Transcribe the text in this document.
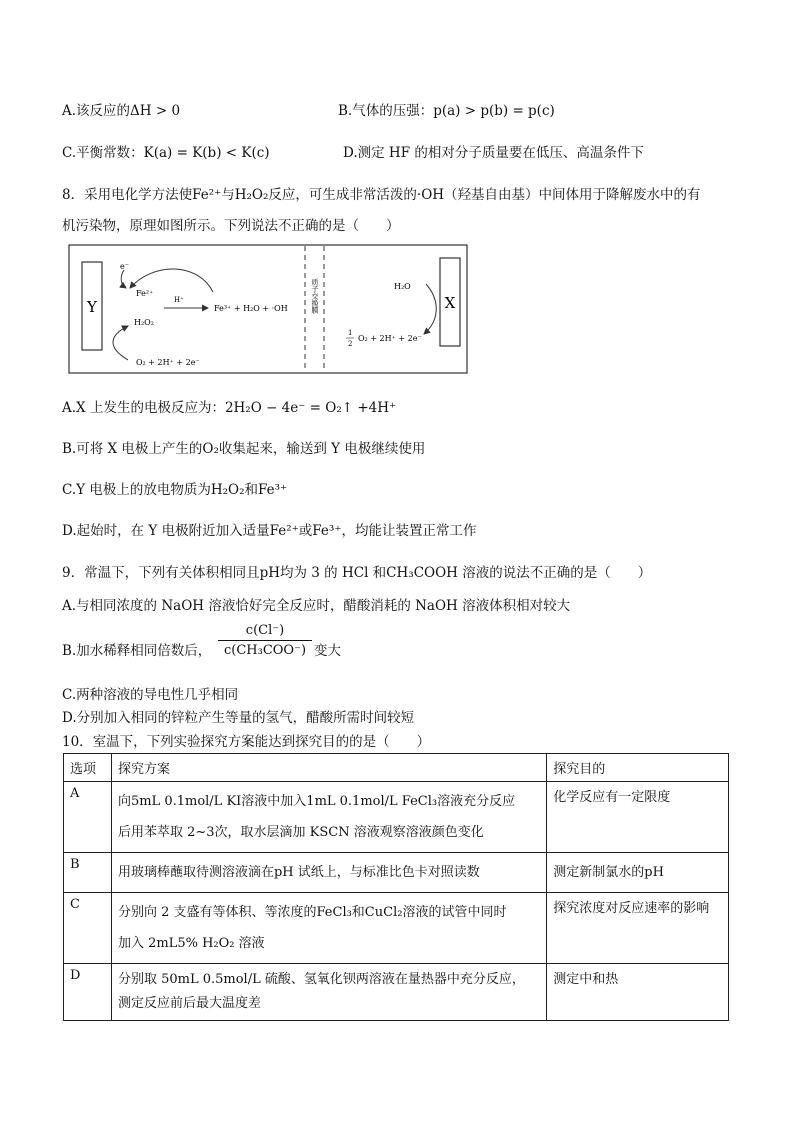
A.该反应的ΔH > 0	B.气体的压强：p(a) > p(b) = p(c)
C.平衡常数：K(a) = K(b) < K(c)	D.测定 HF 的相对分子质量要在低压、高温条件下
8．采用电化学方法使Fe²⁺与H₂O₂反应，可生成非常活泼的·OH（羟基自由基）中间体用于降解废水中的有
机污染物，原理如图所示。下列说法不正确的是（　　）
质子交换膜
Y	X
e⁻
Fe²⁺
H⁺
Fe³⁺ + H₂O + ·OH
H₂O₂
O₂ + 2H⁺ + 2e⁻
H₂O
1
2
O₂ + 2H⁺ + 2e⁻
A.X 上发生的电极反应为：2H₂O − 4e⁻ = O₂↑ +4H⁺
B.可将 X 电极上产生的O₂收集起来，输送到 Y 电极继续使用
C.Y 电极上的放电物质为H₂O₂和Fe³⁺
D.起始时，在 Y 电极附近加入适量Fe²⁺或Fe³⁺，均能让装置正常工作
9．常温下，下列有关体积相同且pH均为 3 的 HCl 和CH₃COOH 溶液的说法不正确的是（　　）
A.与相同浓度的 NaOH 溶液恰好完全反应时，醋酸消耗的 NaOH 溶液体积相对较大
B.加水稀释相同倍数后，
c(Cl⁻)
c(CH₃COO⁻) 变大
C.两种溶液的导电性几乎相同
D.分别加入相同的锌粒产生等量的氢气，醋酸所需时间较短
10．室温下，下列实验探究方案能达到探究目的的是（　　）
选项	探究方案	探究目的
A	向5mL 0.1mol/L KI溶液中加入1mL 0.1mol/L FeCl₃溶液充分反应
后用苯萃取 2~3次，取水层滴加 KSCN 溶液观察溶液颜色变化	化学反应有一定限度
B	用玻璃棒蘸取待测溶液滴在pH 试纸上，与标准比色卡对照读数	测定新制氯水的pH

C	分别向 2 支盛有等体积、等浓度的FeCl₃和CuCl₂溶液的试管中同时
加入 2mL5% H₂O₂ 溶液	探究浓度对反应速率的影响
D	分别取 50mL 0.5mol/L 硫酸、氢氧化钡两溶液在量热器中充分反应，
测定反应前后最大温度差	测定中和热
